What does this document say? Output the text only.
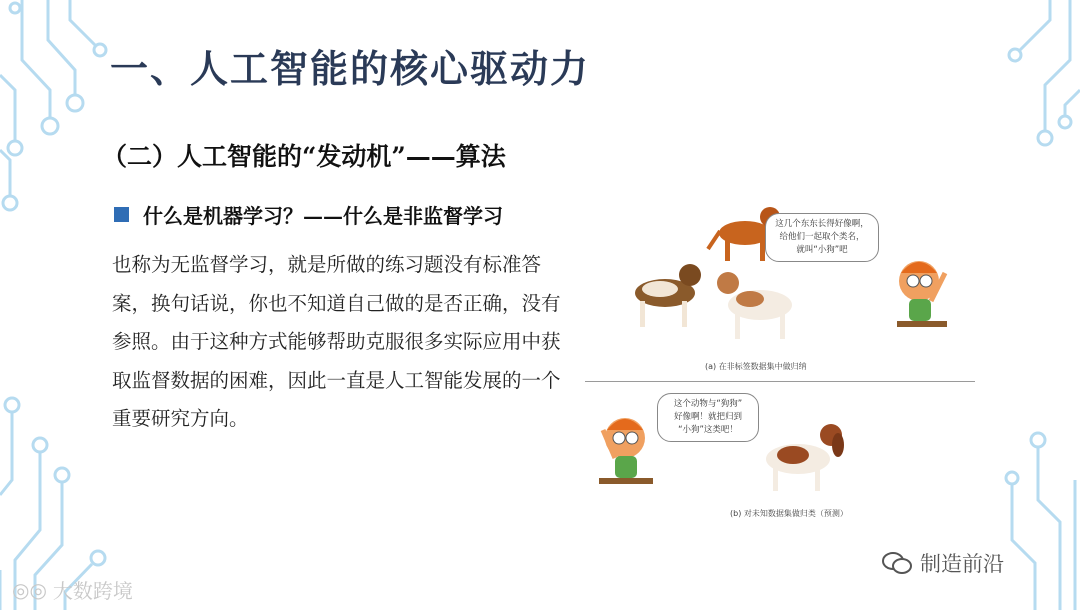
一、人工智能的核心驱动力
（二）人工智能的“发动机”——算法
什么是机器学习？——什么是非监督学习
也称为无监督学习，就是所做的练习题没有标准答案，换句话说，你也不知道自己做的是否正确，没有参照。由于这种方式能够帮助克服很多实际应用中获取监督数据的困难，因此一直是人工智能发展的一个重要研究方向。
这几个东东长得好像啊，
给他们一起取个类名，
就叫“小狗”吧
(a) 在非标签数据集中做归纳
这个动物与“狗狗”
好像啊！就把归到
“小狗”这类吧！
(b) 对未知数据集做归类（预测）
◎◎ 大数跨境
制造前沿
